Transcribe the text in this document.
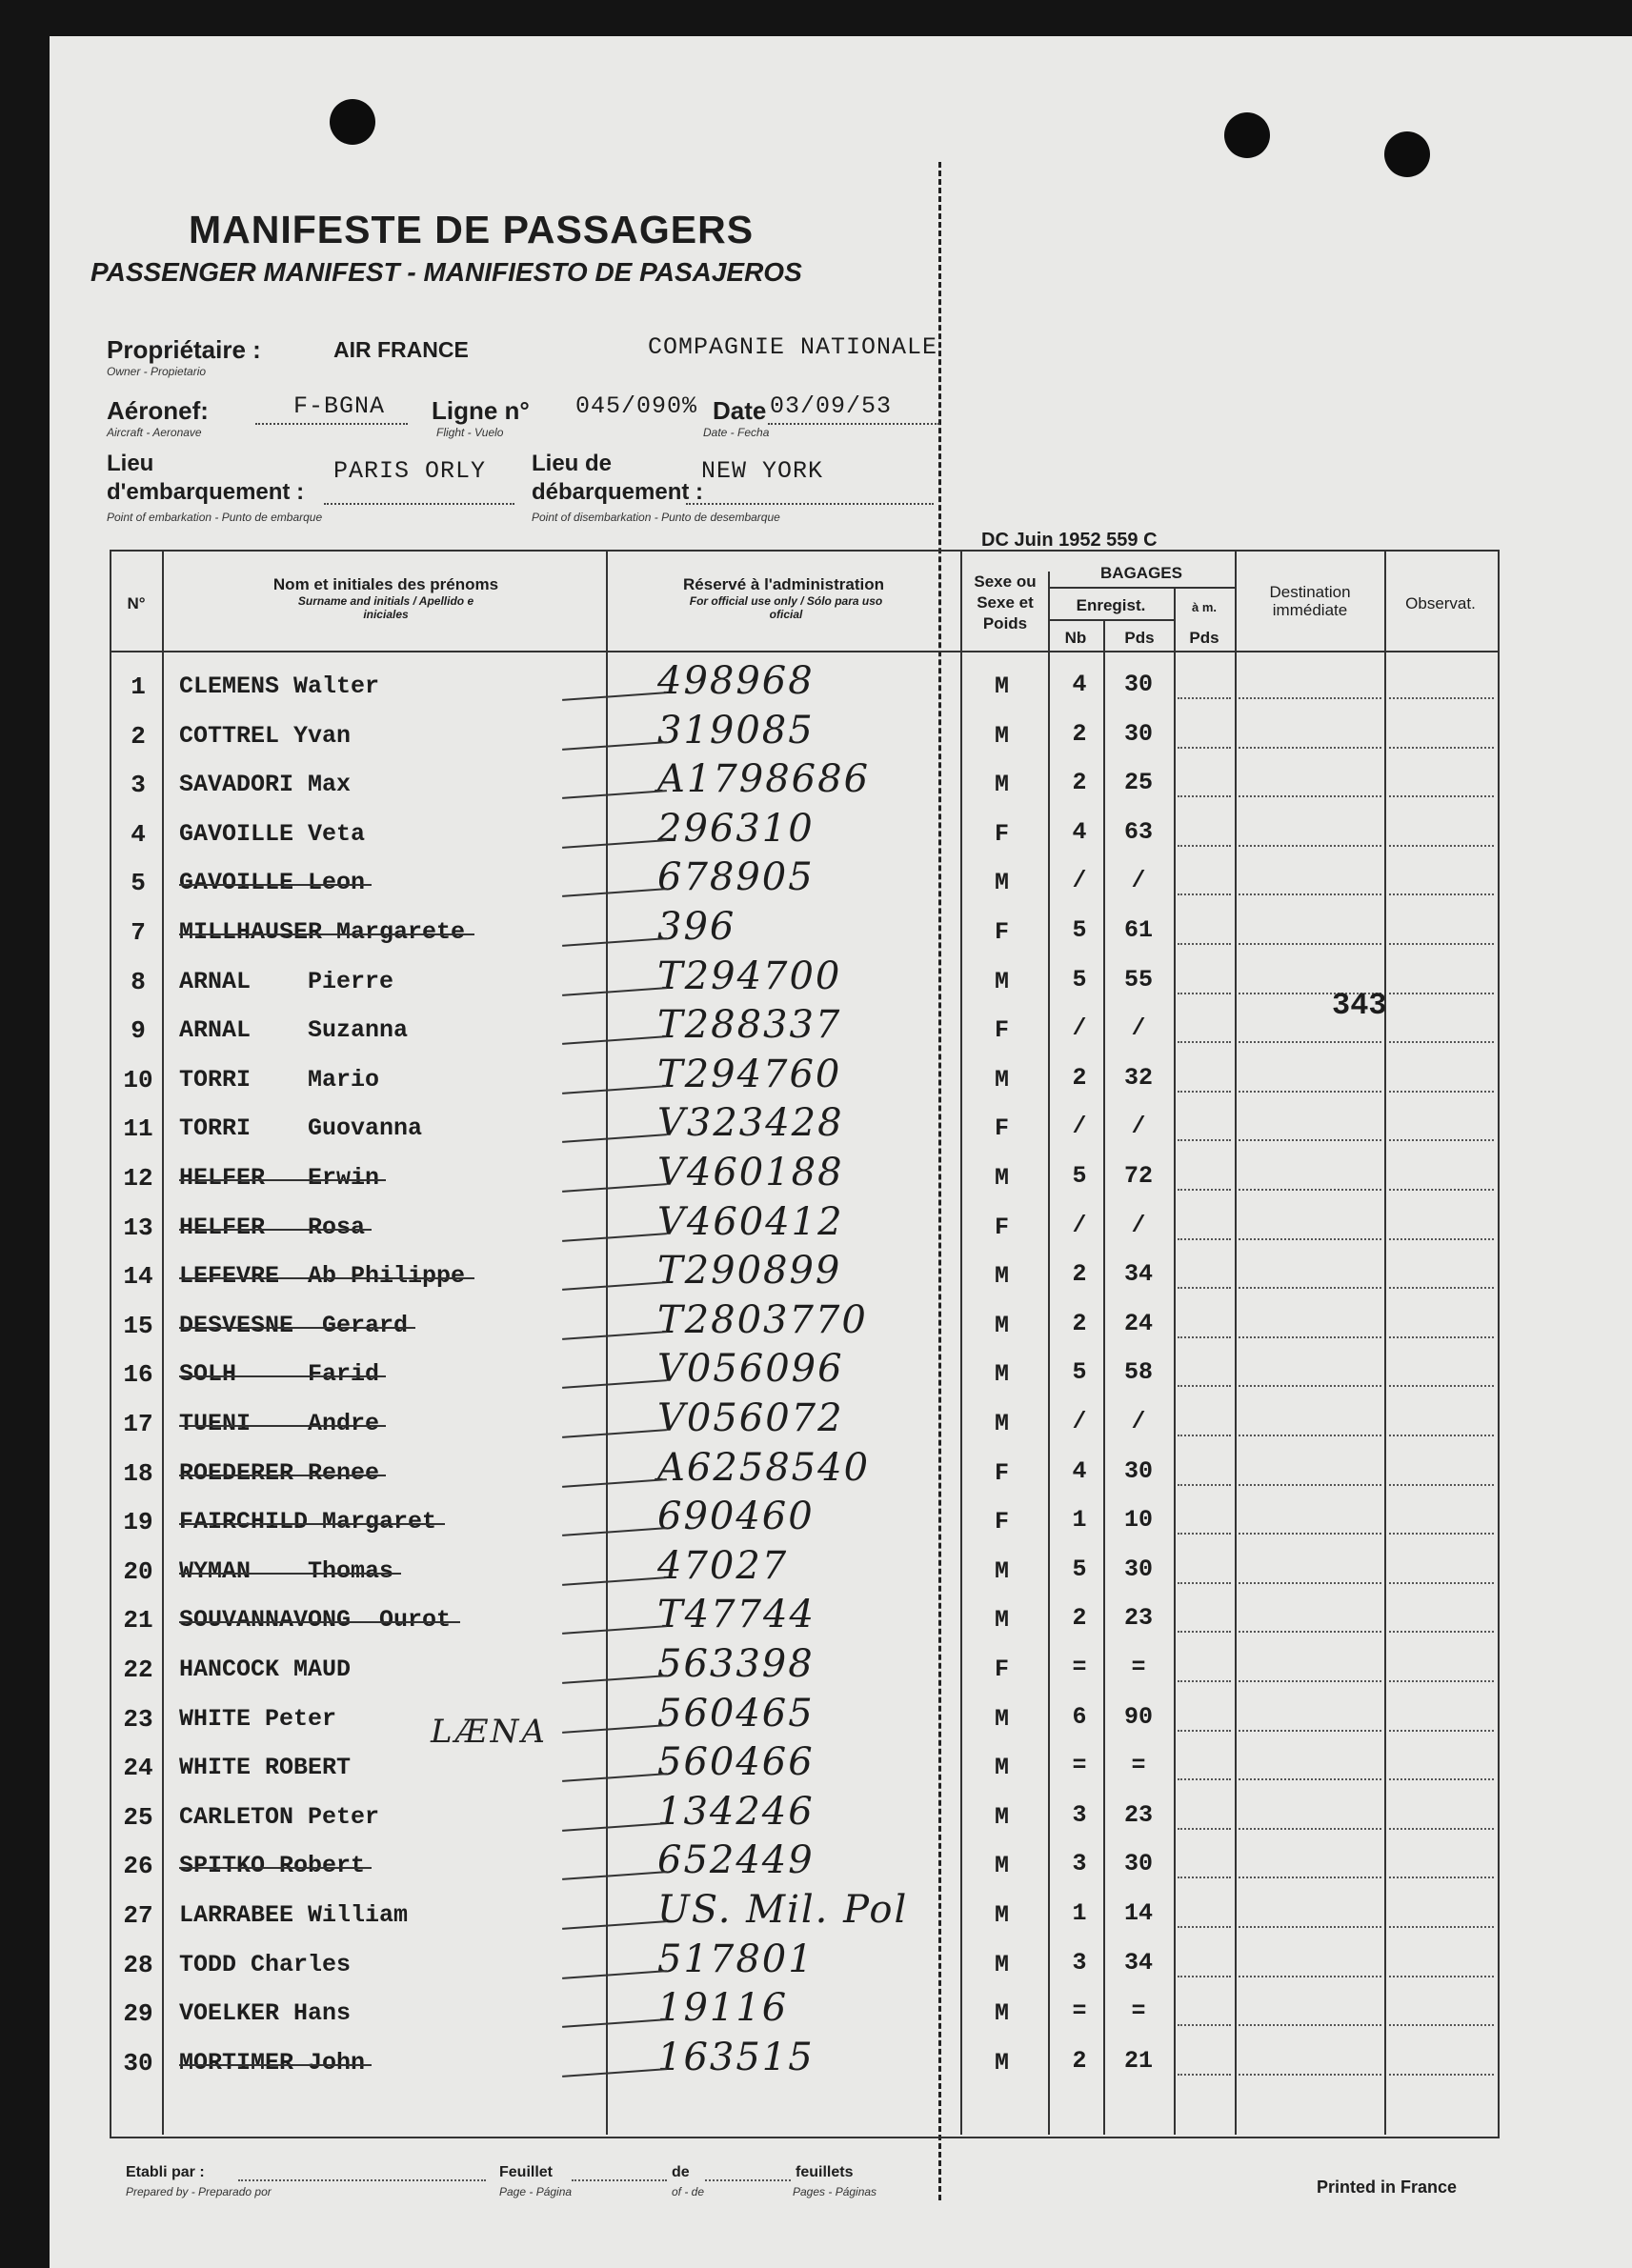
MANIFESTE DE PASSAGERS
PASSENGER MANIFEST - MANIFIESTO DE PASAJEROS
Propriétaire :
Owner - Propietario
AIR FRANCE	COMPAGNIE NATIONALE
Aéronef:
Aircraft - Aeronave
F-BGNA Ligne n°
Flight - Vuelo
045/090% Date
Date - Fecha
03/09/53
Lieu d'embarquement :
Point of embarkation - Punto de embarque
PARIS ORLY Lieu de débarquement :
Point of disembarkation - Punto de desembarque
NEW YORK
DC Juin 1952 559 C
N°
Nom et initiales des prénoms
Surname and initials / Apellido e iniciales
Réservé à l'administration
For official use only / Sólo para uso oficial
Sexe ou Sexe et Poids
BAGAGES
Enregist.
Nb	Pds
à m.
Pds
Destination immédiate	Observat.
1	CLEMENS Walter	498968	M	4	30
2	COTTREL Yvan	319085	M	2	30
3	SAVADORI Max	A1798686	M	2	25
4	GAVOILLE Veta	296310	F	4	63
5	GAVOILLE Leon	678905	M	/	/
7	MILLHAUSER Margarete	396	F	5	61
8	ARNAL    Pierre	T294700	M	5	55
9	ARNAL    Suzanna	T288337	F	/	/
10	TORRI    Mario	T294760	M	2	32
11	TORRI    Guovanna	V323428	F	/	/
12	HELFER   Erwin	V460188	M	5	72
13	HELFER   Rosa	V460412	F	/	/
14	LEFEVRE  Ab Philippe	T290899	M	2	34
15	DESVESNE  Gerard	T2803770	M	2	24
16	SOLH     Farid	V056096	M	5	58
17	TUENI    Andre	V056072	M	/	/
18	ROEDERER Renee	A6258540	F	4	30
19	FAIRCHILD Margaret	690460	F	1	10
20	WYMAN    Thomas	47027	M	5	30
21	SOUVANNAVONG  Ourot	T47744	M	2	23
22	HANCOCK MAUD	563398	F	=	=
23	WHITE Peter	560465	M	6	90
24	WHITE ROBERT	560466	M	=	=
25	CARLETON Peter	134246	M	3	23
26	SPITKO Robert	652449	M	3	30
27	LARRABEE William	US. Mil. Pol	M	1	14
28	TODD Charles	517801	M	3	34
29	VOELKER Hans	19116	M	=	=
30	MORTIMER John	163515	M	2	21
LÆNA
343
Etabli par :
Prepared by - Preparado por
Feuillet
Page - Página
de
of - de
feuillets
Pages - Páginas	Printed in France
